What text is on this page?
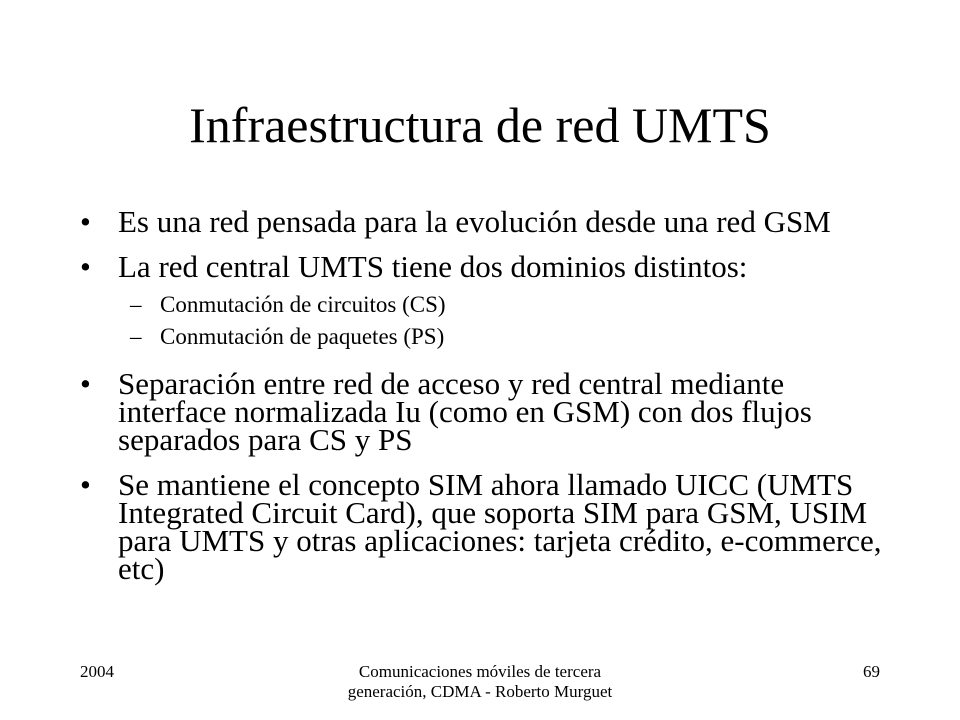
Infraestructura de red UMTS
• Es una red pensada para la evolución desde una red GSM
• La red central UMTS tiene dos dominios distintos:
– Conmutación de circuitos (CS)
– Conmutación de paquetes (PS)
• Separación entre red de acceso y red central mediante interface normalizada Iu (como en GSM) con dos flujos separados para CS y PS
• Se mantiene el concepto SIM ahora llamado UICC (UMTS Integrated Circuit Card), que soporta SIM para GSM, USIM para UMTS y otras aplicaciones: tarjeta crédito, e-commerce, etc)
2004	Comunicaciones móviles de tercera generación, CDMA - Roberto Murguet
69
